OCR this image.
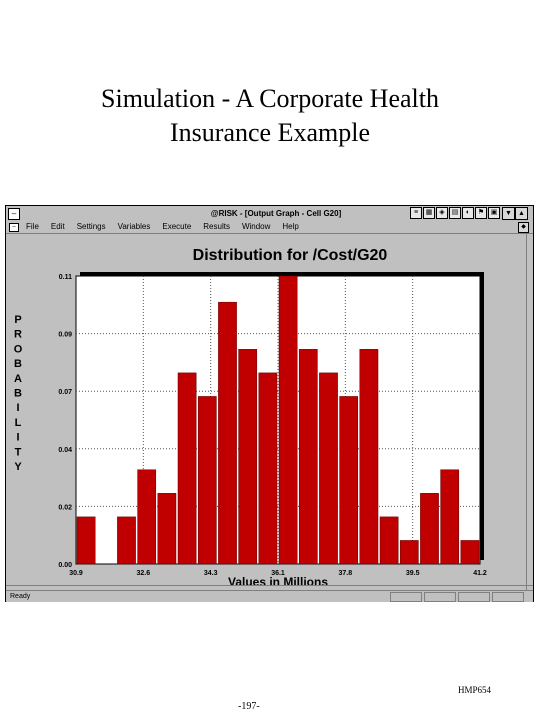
Simulation - A Corporate Health
Insurance Example
–	@RISK - [Output Graph - Cell G20]	≡	▦ ◈	▤	◐	⚑ ▣	▼ ▲
–	File Edit Settings Variables Execute Results Window Help	◆
Distribution for /Cost/G20
0.00
0.02
0.04
0.07
0.09
0.11
30.9	32.6	34.3	36.1	37.8	39.5	41.2
Values in Millions
P
R
O
B
A
B
I
L
I
T
Y
Ready
HMP654
-197-
